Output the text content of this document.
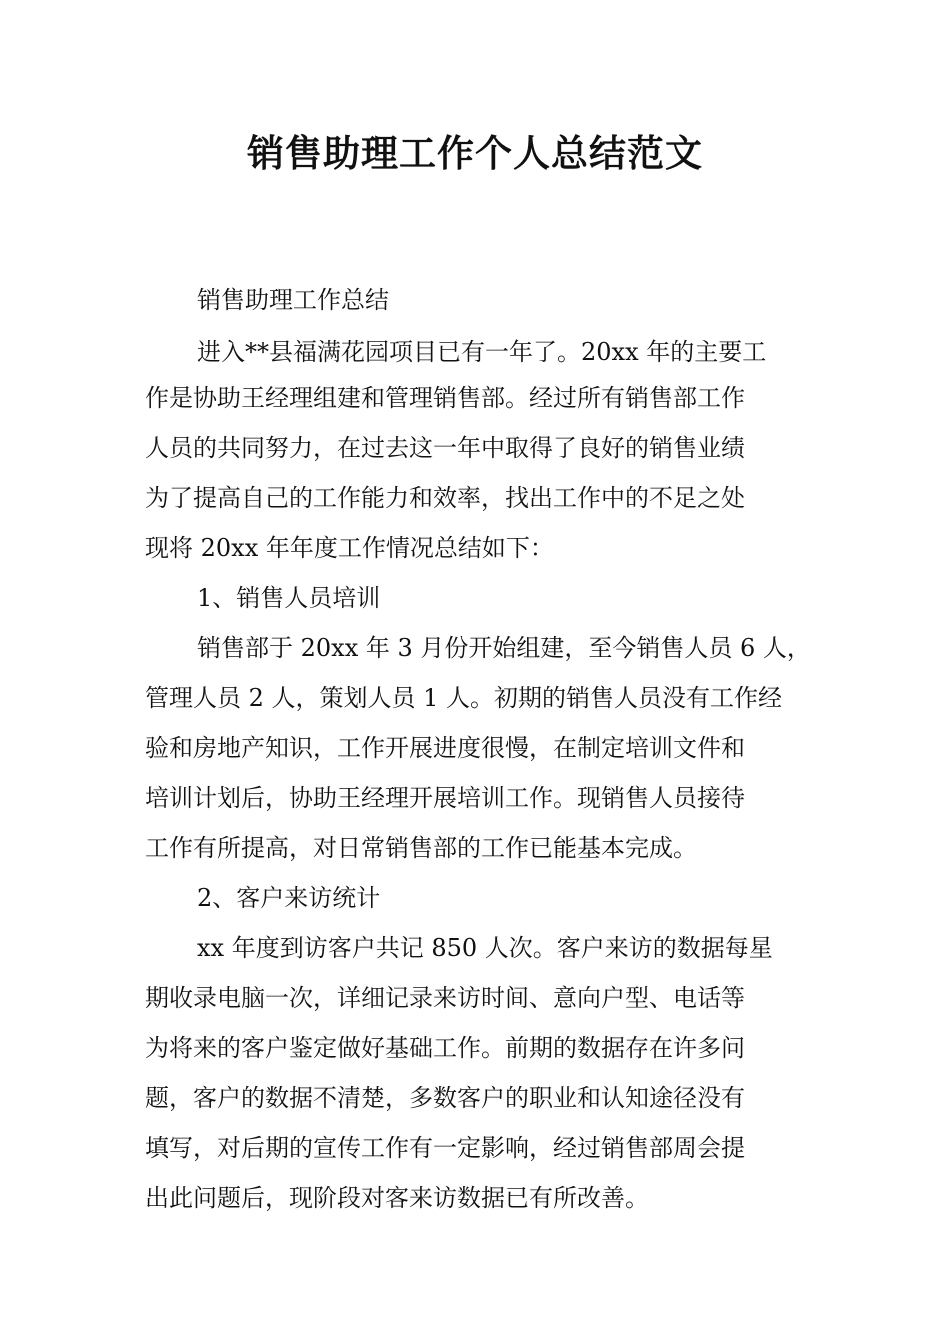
销售助理工作个人总结范文
销售助理工作总结
进入**县福满花园项目已有一年了。20xx 年的主要工
作是协助王经理组建和管理销售部。经过所有销售部工作
人员的共同努力，在过去这一年中取得了良好的销售业绩
为了提高自己的工作能力和效率，找出工作中的不足之处
现将 20xx 年年度工作情况总结如下：
1、销售人员培训
销售部于 20xx 年 3 月份开始组建，至今销售人员 6 人，
管理人员 2 人，策划人员 1 人。初期的销售人员没有工作经
验和房地产知识，工作开展进度很慢，在制定培训文件和
培训计划后，协助王经理开展培训工作。现销售人员接待
工作有所提高，对日常销售部的工作已能基本完成。
2、客户来访统计
xx 年度到访客户共记 850 人次。客户来访的数据每星
期收录电脑一次，详细记录来访时间、意向户型、电话等
为将来的客户鉴定做好基础工作。前期的数据存在许多问
题，客户的数据不清楚，多数客户的职业和认知途径没有
填写，对后期的宣传工作有一定影响，经过销售部周会提
出此问题后，现阶段对客来访数据已有所改善。
